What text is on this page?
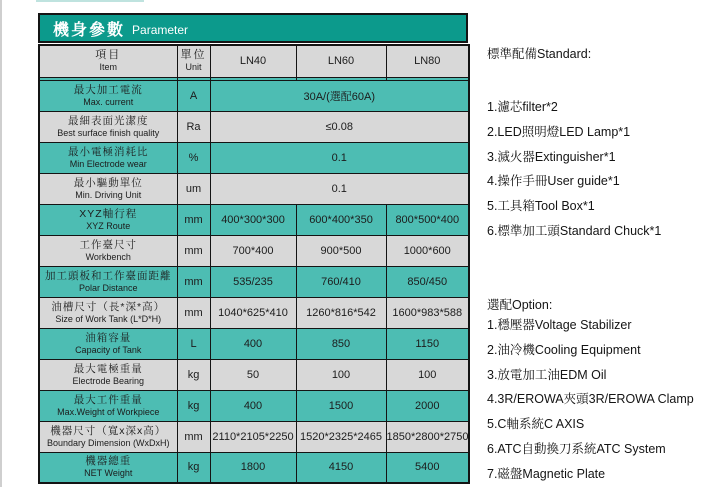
機身參數 Parameter
項目
Item	單位
Unit	LN40	LN60	LN80

最大加工電流
Max. current	A	30A/(選配60A)		

最細表面光潔度
Best surface finish quality	Ra	≤0.08		

最小電極消耗比
Min Electrode wear	%	0.1		

最小驅動單位
Min. Driving Unit	um	0.1		

XYZ軸行程
XYZ Route	mm	400*300*300	600*400*350	800*500*400

工作臺尺寸
Workbench	mm	700*400	900*500	1000*600

加工頭板和工作臺面距離
Polar Distance	mm	535/235	760/410	850/450

油槽尺寸（長*深*高）
Size of Work Tank (L*D*H)	mm	1040*625*410	1260*816*542	1600*983*588

油箱容量
Capacity of Tank	L	400	850	1150

最大電極重量
Electrode Bearing	kg	50	100	100

最大工件重量
Max.Weight of Workpiece	kg	400	1500	2000

機器尺寸（寬x深x高）
Boundary Dimension (WxDxH)	mm	2110*2105*2250	1520*2325*2465	1850*2800*2750

機器總重
NET Weight	kg	1800	4150	5400
標準配備Standard:
1.濾芯filter*2
2.LED照明燈LED Lamp*1
3.滅火器Extinguisher*1
4.操作手冊User guide*1
5.工具箱Tool Box*1
6.標準加工頭Standard Chuck*1
選配Option:
1.穩壓器Voltage Stabilizer
2.油冷機Cooling Equipment
3.放電加工油EDM Oil
4.3R/EROWA夾頭3R/EROWA Clamp
5.C軸系統C AXIS
6.ATC自動換刀系統ATC System
7.磁盤Magnetic Plate
